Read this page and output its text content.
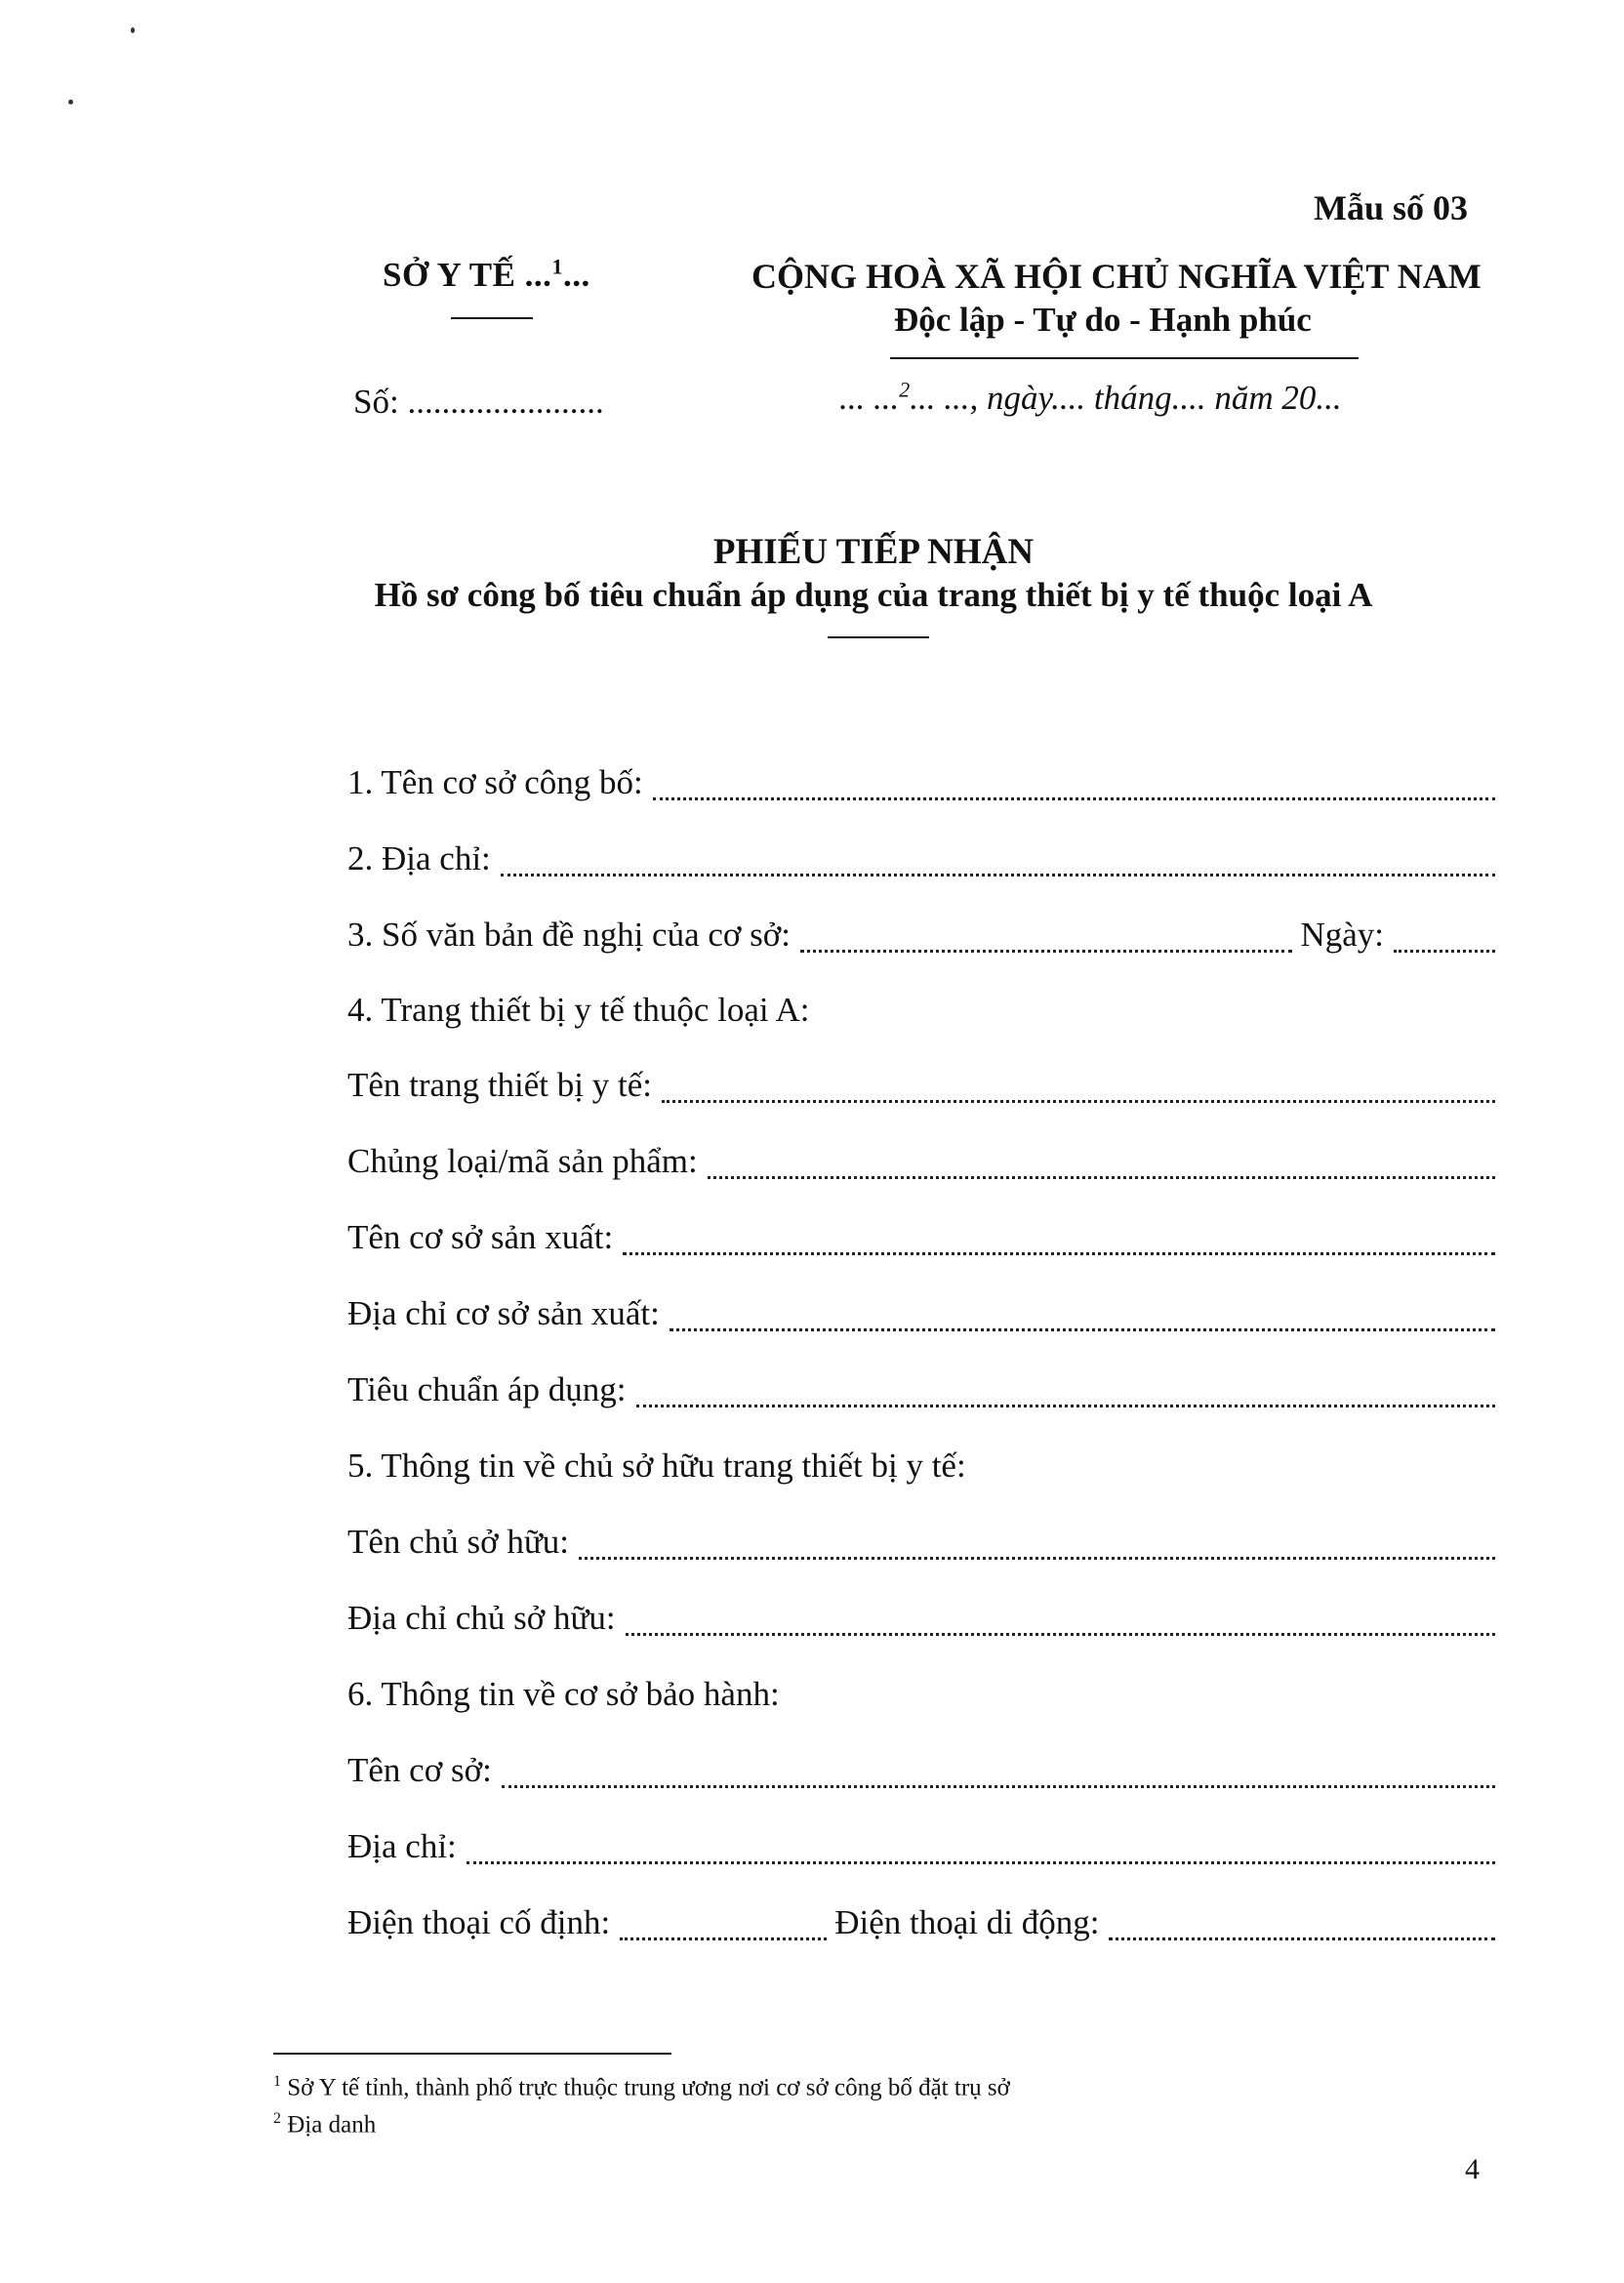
Mẫu số 03
SỞ Y TẾ ...$^1$...	CỘNG HOÀ XÃ HỘI CHỦ NGHĨA VIỆT NAM
Độc lập - Tự do - Hạnh phúc
Số: .......................	... ...$^2$... ..., ngày.... tháng.... năm 20...
PHIẾU TIẾP NHẬN
Hồ sơ công bố tiêu chuẩn áp dụng của trang thiết bị y tế thuộc loại A
1. Tên cơ sở công bố:
2. Địa chỉ:
3. Số văn bản đề nghị của cơ sở:	Ngày:
4. Trang thiết bị y tế thuộc loại A:
Tên trang thiết bị y tế:
Chủng loại/mã sản phẩm:
Tên cơ sở sản xuất:
Địa chỉ cơ sở sản xuất:
Tiêu chuẩn áp dụng:
5. Thông tin về chủ sở hữu trang thiết bị y tế:
Tên chủ sở hữu:
Địa chỉ chủ sở hữu:
6. Thông tin về cơ sở bảo hành:
Tên cơ sở:
Địa chỉ:
Điện thoại cố định:	Điện thoại di động:
$^1$ Sở Y tế tỉnh, thành phố trực thuộc trung ương nơi cơ sở công bố đặt trụ sở
$^2$ Địa danh
4
